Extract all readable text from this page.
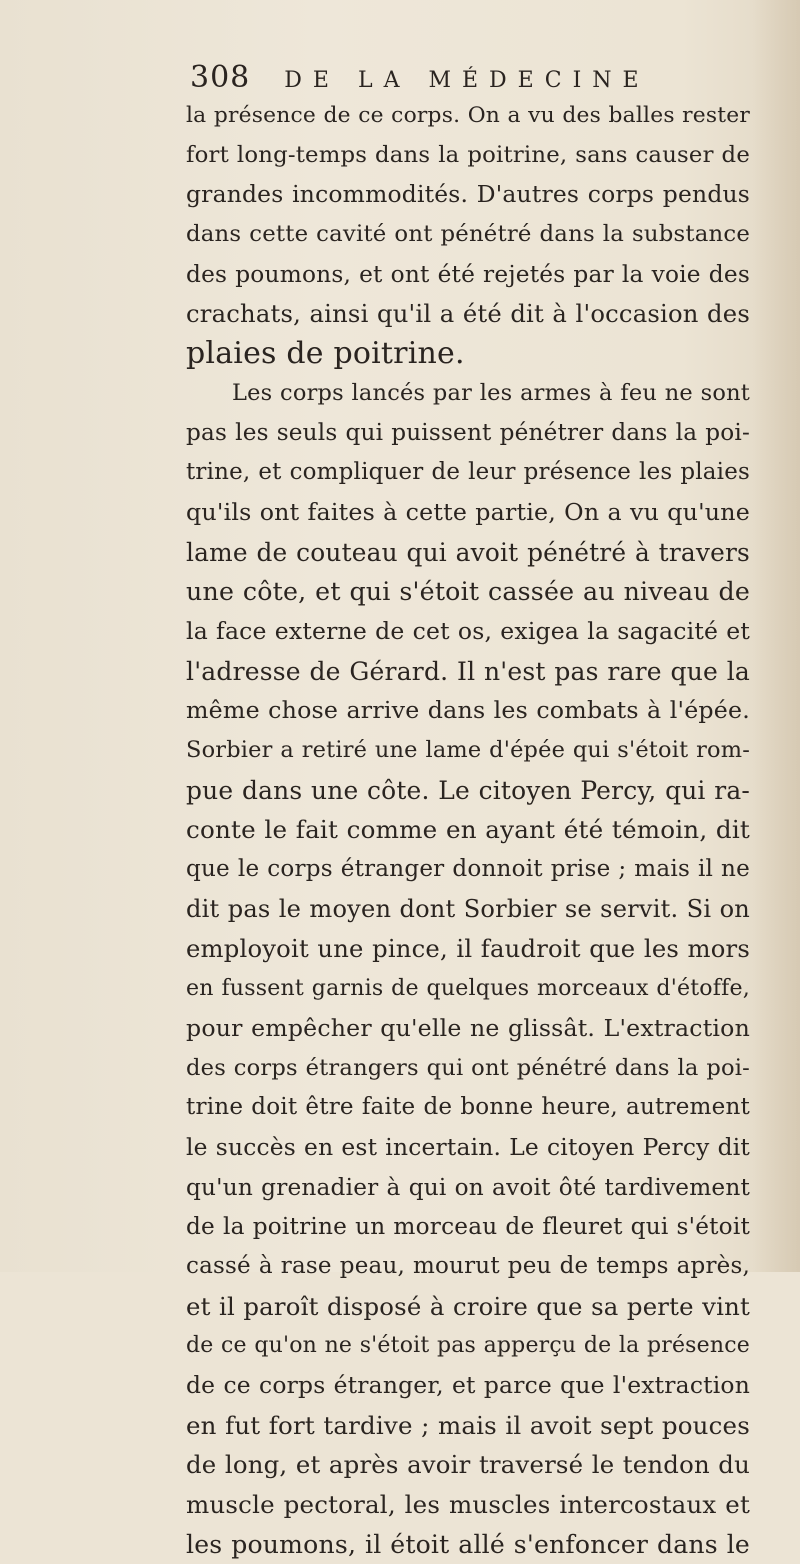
308 DE LA MÉDECINE
la présence de ce corps. On a vu des balles rester
fort long-temps dans la poitrine, sans causer de
grandes incommodités. D'autres corps pendus
dans cette cavité ont pénétré dans la substance
des poumons, et ont été rejetés par la voie des
crachats, ainsi qu'il a été dit à l'occasion des
plaies de poitrine.
Les corps lancés par les armes à feu ne sont
pas les seuls qui puissent pénétrer dans la poi-
trine, et compliquer de leur présence les plaies
qu'ils ont faites à cette partie, On a vu qu'une
lame de couteau qui avoit pénétré à travers
une côte, et qui s'étoit cassée au niveau de
la face externe de cet os, exigea la sagacité et
l'adresse de Gérard. Il n'est pas rare que la
même chose arrive dans les combats à l'épée.
Sorbier a retiré une lame d'épée qui s'étoit rom-
pue dans une côte. Le citoyen Percy, qui ra-
conte le fait comme en ayant été témoin, dit
que le corps étranger donnoit prise ; mais il ne
dit pas le moyen dont Sorbier se servit. Si on
employoit une pince, il faudroit que les mors
en fussent garnis de quelques morceaux d'étoffe,
pour empêcher qu'elle ne glissât. L'extraction
des corps étrangers qui ont pénétré dans la poi-
trine doit être faite de bonne heure, autrement
le succès en est incertain. Le citoyen Percy dit
qu'un grenadier à qui on avoit ôté tardivement
de la poitrine un morceau de fleuret qui s'étoit
cassé à rase peau, mourut peu de temps après,
et il paroît disposé à croire que sa perte vint
de ce qu'on ne s'étoit pas apperçu de la présence
de ce corps étranger, et parce que l'extraction
en fut fort tardive ; mais il avoit sept pouces
de long, et après avoir traversé le tendon du
muscle pectoral, les muscles intercostaux et
les poumons, il étoit allé s'enfoncer dans le
